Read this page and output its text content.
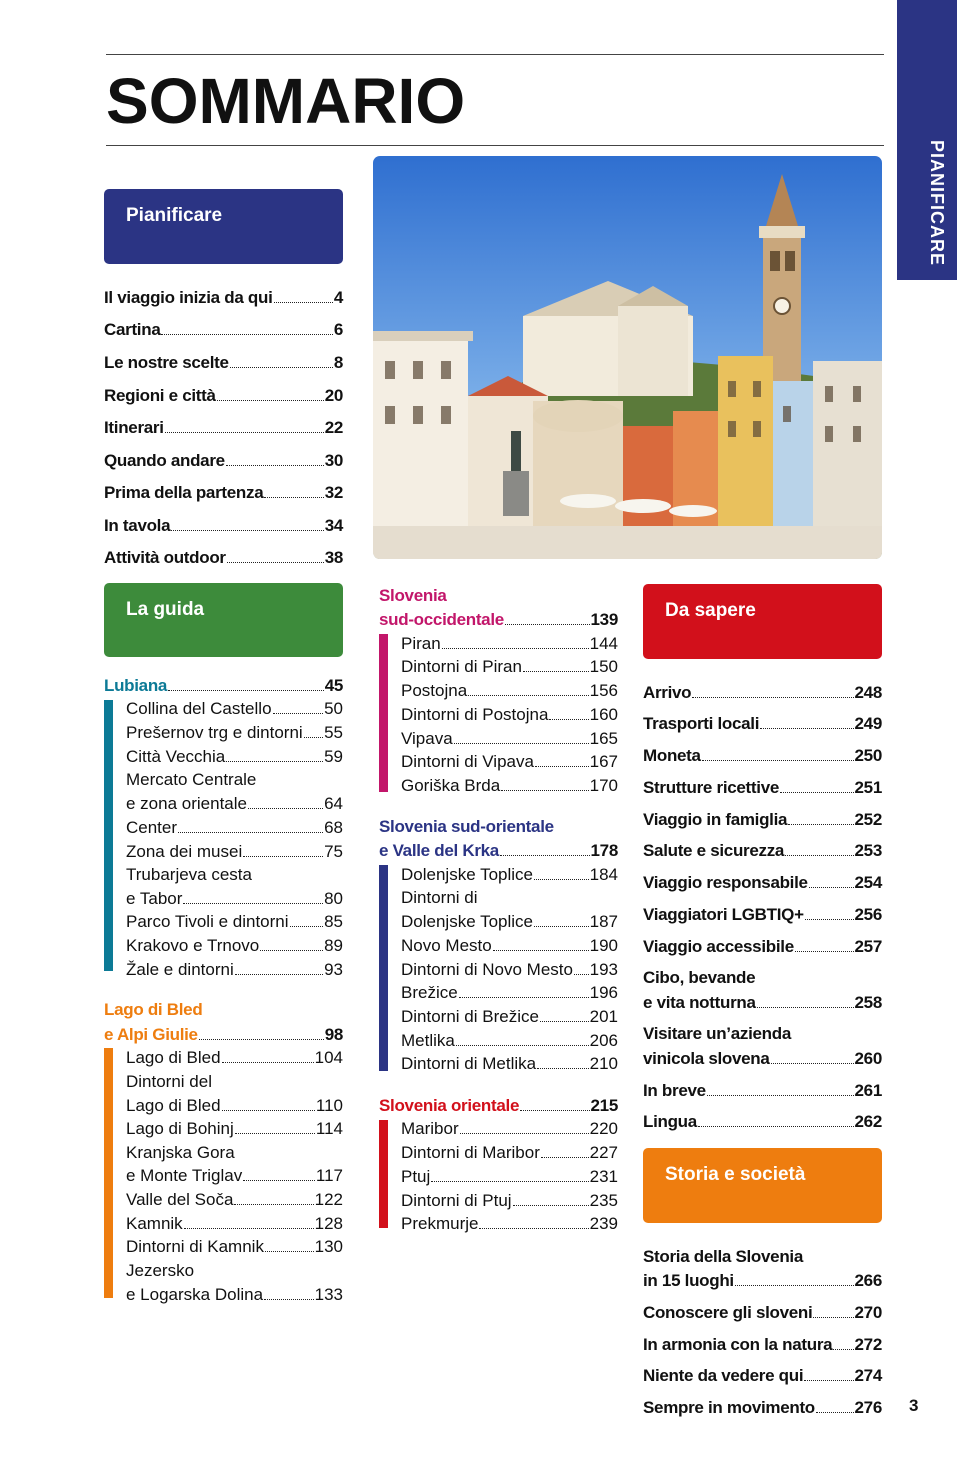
PIANIFICARE
SOMMARIO
Pianificare
Il viaggio inizia da qui	4
Cartina	6
Le nostre scelte	8
Regioni e città	20
Itinerari	22
Quando andare	30
Prima della partenza	32
In tavola	34
Attività outdoor	38
La guida
Lubiana	45
Collina del Castello	50
Prešernov trg e dintorni 55
Città Vecchia	59
Mercato Centrale
e zona orientale	64
Center	68
Zona dei musei	75
Trubarjeva cesta
e Tabor	80
Parco Tivoli e dintorni 85
Krakovo e Trnovo	89
Žale e dintorni	93
Lago di Bled
e Alpi Giulie	98
Lago di Bled	104
Dintorni del
Lago di Bled	110
Lago di Bohinj	114
Kranjska Gora
e Monte Triglav	117
Valle del Soča	122
Kamnik	128
Dintorni di Kamnik	130
Jezersko
e Logarska Dolina	133
Slovenia
sud-occidentale	139
Piran	144
Dintorni di Piran	150
Postojna	156
Dintorni di Postojna 160
Vipava	165
Dintorni di Vipava	167
Goriška Brda	170
Slovenia sud-orientale
e Valle del Krka	178
Dolenjske Toplice	184
Dintorni di
Dolenjske Toplice	187
Novo Mesto	190
Dintorni di Novo Mesto 193
Brežice	196
Dintorni di Brežice	201
Metlika	206
Dintorni di Metlika	210
Slovenia orientale	215
Maribor	220
Dintorni di Maribor	227
Ptuj	231
Dintorni di Ptuj	235
Prekmurje	239
Da sapere
Arrivo	248
Trasporti locali	249
Moneta	250
Strutture ricettive	251
Viaggio in famiglia	252
Salute e sicurezza	253
Viaggio responsabile	254
Viaggiatori LGBTIQ+	256
Viaggio accessibile	257
Cibo, bevande
e vita notturna	258
Visitare un’azienda
vinicola slovena	260
In breve	261
Lingua	262
Storia e società
Storia della Slovenia
in 15 luoghi	266
Conoscere gli sloveni 270
In armonia con la natura 272
Niente da vedere qui	274
Sempre in movimento 276 3
